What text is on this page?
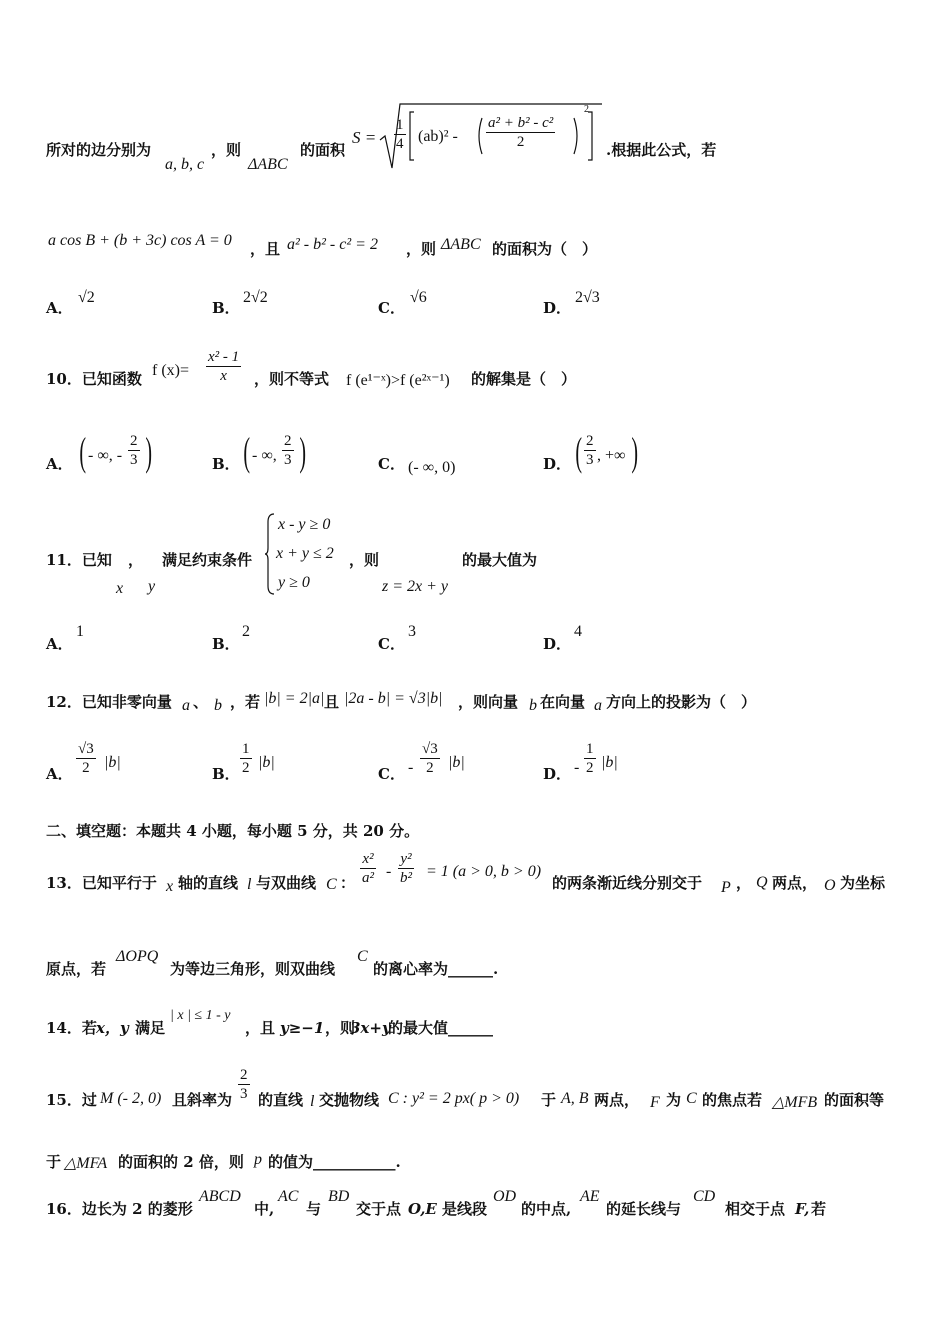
所对的边分别为
a, b, c
，则
ΔABC
的面积
$S = \frac{1}{4} (ab)^2 - \frac{\text{a² + b² - c²}}{2}$
2
.根据此公式，若
a cos B + (b + 3c) cos A = 0 ，且 a² - b² - c² = 2 ，则 ΔABC 的面积为（　）
A．
√2
B．
2√2
C．
√6
D．
2√3
10．已知函数 f $(x)= \frac{\text{x² - 1}}{x}$ ，则不等式 f (e¹⁻ˣ)>f (e²ˣ⁻¹) 的解集是（　）
A． ( - ∞, - $\frac{2}{3}$ )	B． ( - ∞, $\frac{2}{3}$ )	C． (- ∞, 0)	D． ( $\frac{2}{3}$ , +∞ )
11．已知 ，
x y
满足约束条件
x - y ≥ 0
x + y ≤ 2
y ≥ 0
，则
z = 2x + y
的最大值为
A．
1
B．
2
C．
3
D．
4
12．已知非零向量 a 、 b ，若 |b| = 2|a| 且 |2a - b| = √3|b| ，则向量 b 在向量 a 方向上的投影为（　）
A． $\frac{√3}{2} |b|$
B． $\frac{1}{2} |b|$
C． - $\frac{√3}{2} |b|$
D． - $\frac{1}{2} |b|$
二、填空题：本题共 4 小题，每小题 5 分，共 20 分。
13．已知平行于 x 轴的直线 l 与双曲线 C ： $\frac{\text{x²}}{\text{a²}} - \frac{\text{y²}}{\text{b²}} = 1$ (a > 0, b > 0)
的两条渐近线分别交于 P ， Q 两点， O 为坐标
原点，若
ΔOPQ
为等边三角形，则双曲线
C
的离心率为______.
14．若 x，y 满足
| x | ≤ 1 - y
，且 y≥−1 ，则
3x+y
的最大值______
15．过 M (- 2, 0) 且斜率为 $\frac{2}{3}$ 的直线 l 交抛物线 C : y² = 2 px( p > 0) 于 A, B 两点， F 为 C 的焦点若 △MFB 的面积等
于 △MFA 的面积的 2 倍，则 p 的值为___________.
16．边长为 2 的菱形
ABCD
中,
AC
与
BD
交于点 O,E 是线段
OD
的中点,
AE
的延长线与
CD
相交于点 F, 若
